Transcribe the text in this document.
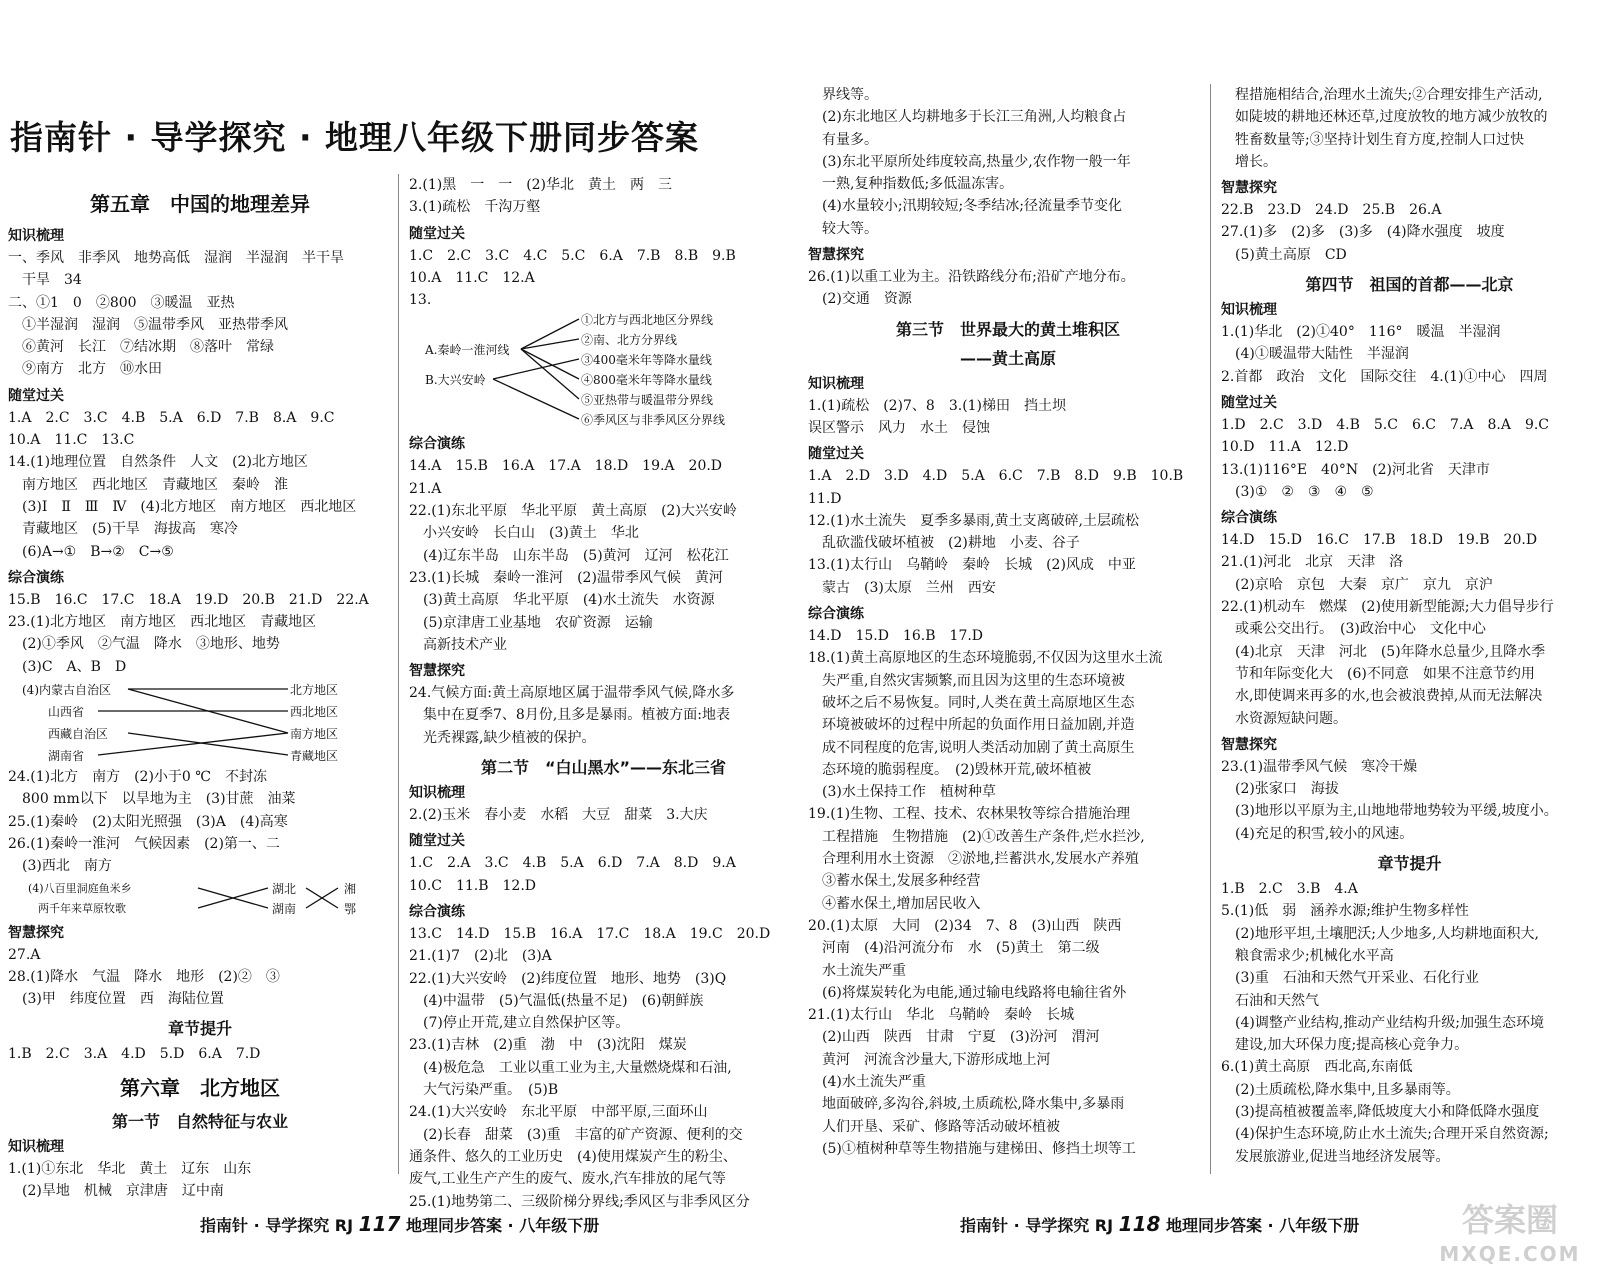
指南针 · 导学探究 · 地理八年级下册同步答案
第五章　中国的地理差异
知识梳理
一、季风　非季风　地势高低　湿润　半湿润　半干旱
干旱　34
二、①1　0　②800　③暖温　亚热
①半湿润　湿润　⑤温带季风　亚热带季风
⑥黄河　长江　⑦结冰期　⑧落叶　常绿
⑨南方　北方　⑩水田
随堂过关
1.A　2.C　3.C　4.B　5.A　6.D　7.B　8.A　9.C
10.A　11.C　13.C
14.(1)地理位置　自然条件　人文　(2)北方地区
南方地区　西北地区　青藏地区　秦岭　淮
(3)Ⅰ　Ⅱ　Ⅲ　Ⅳ　(4)北方地区　南方地区　西北地区
青藏地区　(5)干旱　海拔高　寒冷
(6)A→①　B→②　C→⑤
综合演练
15.B　16.C　17.C　18.A　19.D　20.B　21.D　22.A
23.(1)北方地区　南方地区　西北地区　青藏地区
(2)①季风　②气温　降水　③地形、地势
(3)C　A、B　D
(4)内蒙古自治区
山西省
西藏自治区
湖南省
北方地区
西北地区
南方地区
青藏地区
24.(1)北方　南方　(2)小于0 ℃　不封冻
800 mm以下　以旱地为主　(3)甘蔗　油菜
25.(1)秦岭　(2)太阳光照强　(3)A　(4)高寒
26.(1)秦岭一淮河　气候因素　(2)第一、二
(3)西北　南方
(4)八百里洞庭鱼米乡
两千年来草原牧歌
湖北
湖南
湘
鄂
智慧探究
27.A
28.(1)降水　气温　降水　地形　(2)②　③
(3)甲　纬度位置　西　海陆位置
章节提升
1.B　2.C　3.A　4.D　5.D　6.A　7.D
第六章　北方地区
第一节　自然特征与农业
知识梳理
1.(1)①东北　华北　黄土　辽东　山东
(2)旱地　机械　京津唐　辽中南
2.(1)黑　一　一　(2)华北　黄土　两　三
3.(1)疏松　千沟万壑
随堂过关
1.C　2.C　3.C　4.C　5.C　6.A　7.B　8.B　9.B
10.A　11.C　12.A
13.
A.秦岭一淮河线
B.大兴安岭
①北方与西北地区分界线
②南、北方分界线
③400毫米年等降水量线
④800毫米年等降水量线
⑤亚热带与暖温带分界线
⑥季风区与非季风区分界线
综合演练
14.A　15.B　16.A　17.A　18.D　19.A　20.D
21.A
22.(1)东北平原　华北平原　黄土高原　(2)大兴安岭
小兴安岭　长白山　(3)黄土　华北
(4)辽东半岛　山东半岛　(5)黄河　辽河　松花江
23.(1)长城　秦岭一淮河　(2)温带季风气候　黄河
(3)黄土高原　华北平原　(4)水土流失　水资源
(5)京津唐工业基地　农矿资源　运输
高新技术产业
智慧探究
24.气候方面:黄土高原地区属于温带季风气候,降水多
集中在夏季7、8月份,且多是暴雨。植被方面:地表
光秃裸露,缺少植被的保护。
第二节　“白山黑水”——东北三省
知识梳理
2.(2)玉米　春小麦　水稻　大豆　甜菜　3.大庆
随堂过关
1.C　2.A　3.C　4.B　5.A　6.D　7.A　8.D　9.A
10.C　11.B　12.D
综合演练
13.C　14.D　15.B　16.A　17.C　18.A　19.C　20.D
21.(1)7　(2)北　(3)A
22.(1)大兴安岭　(2)纬度位置　地形、地势　(3)Q
(4)中温带　(5)气温低(热量不足)　(6)朝鲜族
(7)停止开荒,建立自然保护区等。
23.(1)吉林　(2)重　渤　中　(3)沈阳　煤炭
(4)极危急　工业以重工业为主,大量燃烧煤和石油,
大气污染严重。　(5)B
24.(1)大兴安岭　东北平原　中部平原,三面环山
(2)长春　甜菜　(3)重　丰富的矿产资源、便利的交
通条件、悠久的工业历史　(4)使用煤炭产生的粉尘、
废气,工业生产产生的废气、废水,汽车排放的尾气等
25.(1)地势第二、三级阶梯分界线;季风区与非季风区分
界线等。
(2)东北地区人均耕地多于长江三角洲,人均粮食占
有量多。
(3)东北平原所处纬度较高,热量少,农作物一般一年
一熟,复种指数低;多低温冻害。
(4)水量较小;汛期较短;冬季结冰;径流量季节变化
较大等。
智慧探究
26.(1)以重工业为主。沿铁路线分布;沿矿产地分布。
(2)交通　资源
第三节　世界最大的黄土堆积区
——黄土高原
知识梳理
1.(1)疏松　(2)7、8　3.(1)梯田　挡土坝
误区警示　风力　水土　侵蚀
随堂过关
1.A　2.D　3.D　4.D　5.A　6.C　7.B　8.D　9.B　10.B
11.D
12.(1)水土流失　夏季多暴雨,黄土支离破碎,土层疏松
乱砍滥伐破坏植被　(2)耕地　小麦、谷子
13.(1)太行山　乌鞘岭　秦岭　长城　(2)风成　中亚
蒙古　(3)太原　兰州　西安
综合演练
14.D　15.D　16.B　17.D
18.(1)黄土高原地区的生态环境脆弱,不仅因为这里水土流
失严重,自然灾害频繁,而且因为这里的生态环境被
破坏之后不易恢复。同时,人类在黄土高原地区生态
环境被破坏的过程中所起的负面作用日益加剧,并造
成不同程度的危害,说明人类活动加剧了黄土高原生
态环境的脆弱程度。　(2)毁林开荒,破坏植被
(3)水土保持工作　植树种草
19.(1)生物、工程、技术、农林果牧等综合措施治理
工程措施　生物措施　(2)①改善生产条件,烂水拦沙,
合理利用水土资源　②淤地,拦蓄洪水,发展水产养殖
③蓄水保土,发展多种经营
④蓄水保土,增加居民收入
20.(1)太原　大同　(2)34　7、8　(3)山西　陕西
河南　(4)沿河流分布　水　(5)黄土　第二级
水土流失严重
(6)将煤炭转化为电能,通过输电线路将电输往省外
21.(1)太行山　华北　乌鞘岭　秦岭　长城
(2)山西　陕西　甘肃　宁夏　(3)汾河　渭河
黄河　河流含沙量大,下游形成地上河
(4)水土流失严重
地面破碎,多沟谷,斜坡,土质疏松,降水集中,多暴雨
人们开垦、采矿、修路等活动破坏植被
(5)①植树种草等生物措施与建梯田、修挡土坝等工
程措施相结合,治理水土流失;②合理安排生产活动,
如陡坡的耕地还林还草,过度放牧的地方减少放牧的
牲畜数量等;③坚持计划生育方度,控制人口过快
增长。
智慧探究
22.B　23.D　24.D　25.B　26.A
27.(1)多　(2)多　(3)多　(4)降水强度　坡度
(5)黄土高原　CD
第四节　祖国的首都——北京
知识梳理
1.(1)华北　(2)①40°　116°　暖温　半湿润
(4)①暖温带大陆性　半湿润
2.首都　政治　文化　国际交往　4.(1)①中心　四周
随堂过关
1.D　2.C　3.D　4.B　5.C　6.C　7.A　8.A　9.C
10.D　11.A　12.D
13.(1)116°E　40°N　(2)河北省　天津市
(3)①　②　③　④　⑤
综合演练
14.D　15.D　16.C　17.B　18.D　19.B　20.D
21.(1)河北　北京　天津　洛
(2)京哈　京包　大秦　京广　京九　京沪
22.(1)机动车　燃煤　(2)使用新型能源;大力倡导步行
或乘公交出行。　(3)政治中心　文化中心
(4)北京　天津　河北　(5)年降水总量少,且降水季
节和年际变化大　(6)不同意　如果不注意节约用
水,即使调来再多的水,也会被浪费掉,从而无法解决
水资源短缺问题。
智慧探究
23.(1)温带季风气候　寒冷干燥
(2)张家口　海拔
(3)地形以平原为主,山地地带地势较为平缓,坡度小。
(4)充足的积雪,较小的风速。
章节提升
1.B　2.C　3.B　4.A
5.(1)低　弱　涵养水源;维护生物多样性
(2)地形平坦,土壤肥沃;人少地多,人均耕地面积大,
粮食需求少;机械化水平高
(3)重　石油和天然气开采业、石化行业
石油和天然气
(4)调整产业结构,推动产业结构升级;加强生态环境
建设,加大环保力度;提高核心竞争力。
6.(1)黄土高原　西北高,东南低
(2)土质疏松,降水集中,且多暴雨等。
(3)提高植被覆盖率,降低坡度大小和降低降水强度
(4)保护生态环境,防止水土流失;合理开采自然资源;
发展旅游业,促进当地经济发展等。
指南针 · 导学探究 RJ 117 地理同步答案 · 八年级下册	指南针 · 导学探究 RJ 118 地理同步答案 · 八年级下册	答案圈
MXQE.COM
